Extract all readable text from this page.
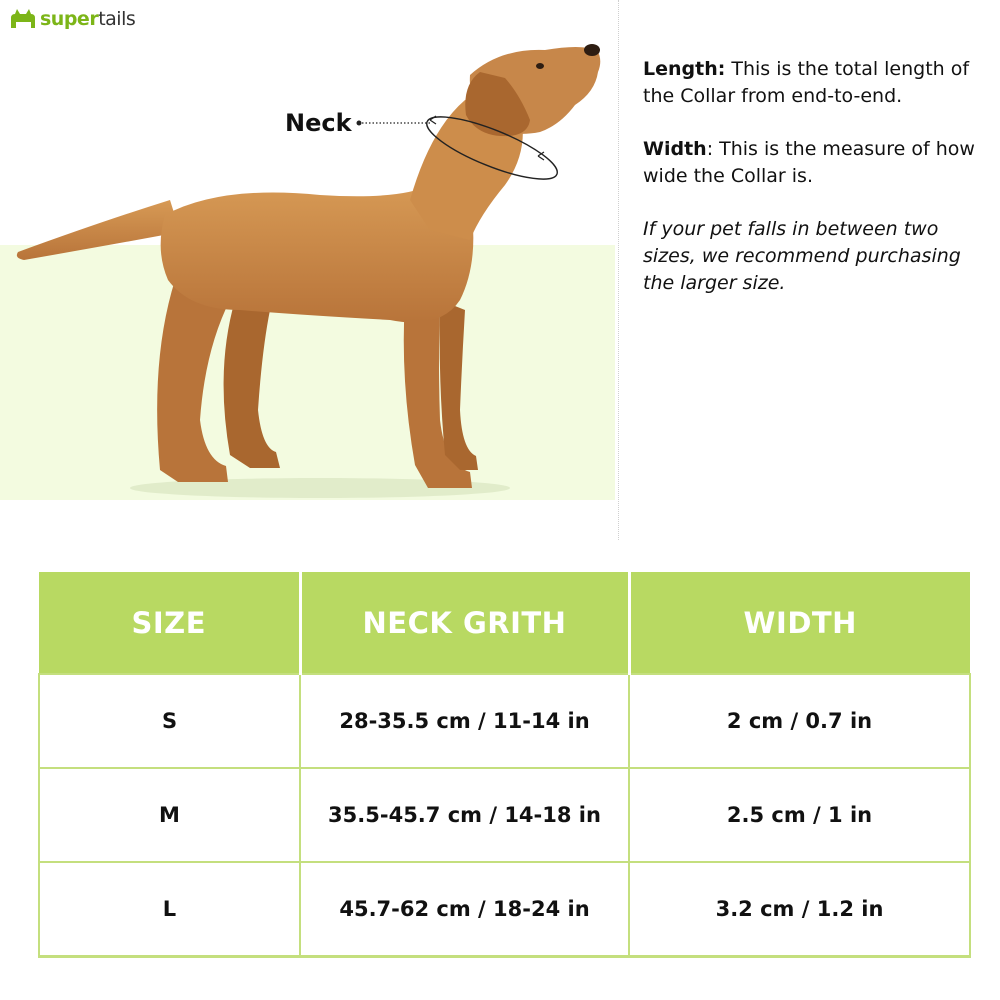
supertails
Neck

Length: This is the total length of the Collar from end-to-end.

Width: This is the measure of how wide the Collar is.

If your pet falls in between two sizes, we recommend purchasing the larger size.

SIZE	NECK GRITH	WIDTH
S	28-35.5 cm / 11-14 in	2 cm / 0.7 in
M	35.5-45.7 cm / 14-18 in	2.5 cm / 1 in
L	45.7-62 cm / 18-24 in	3.2 cm / 1.2 in
